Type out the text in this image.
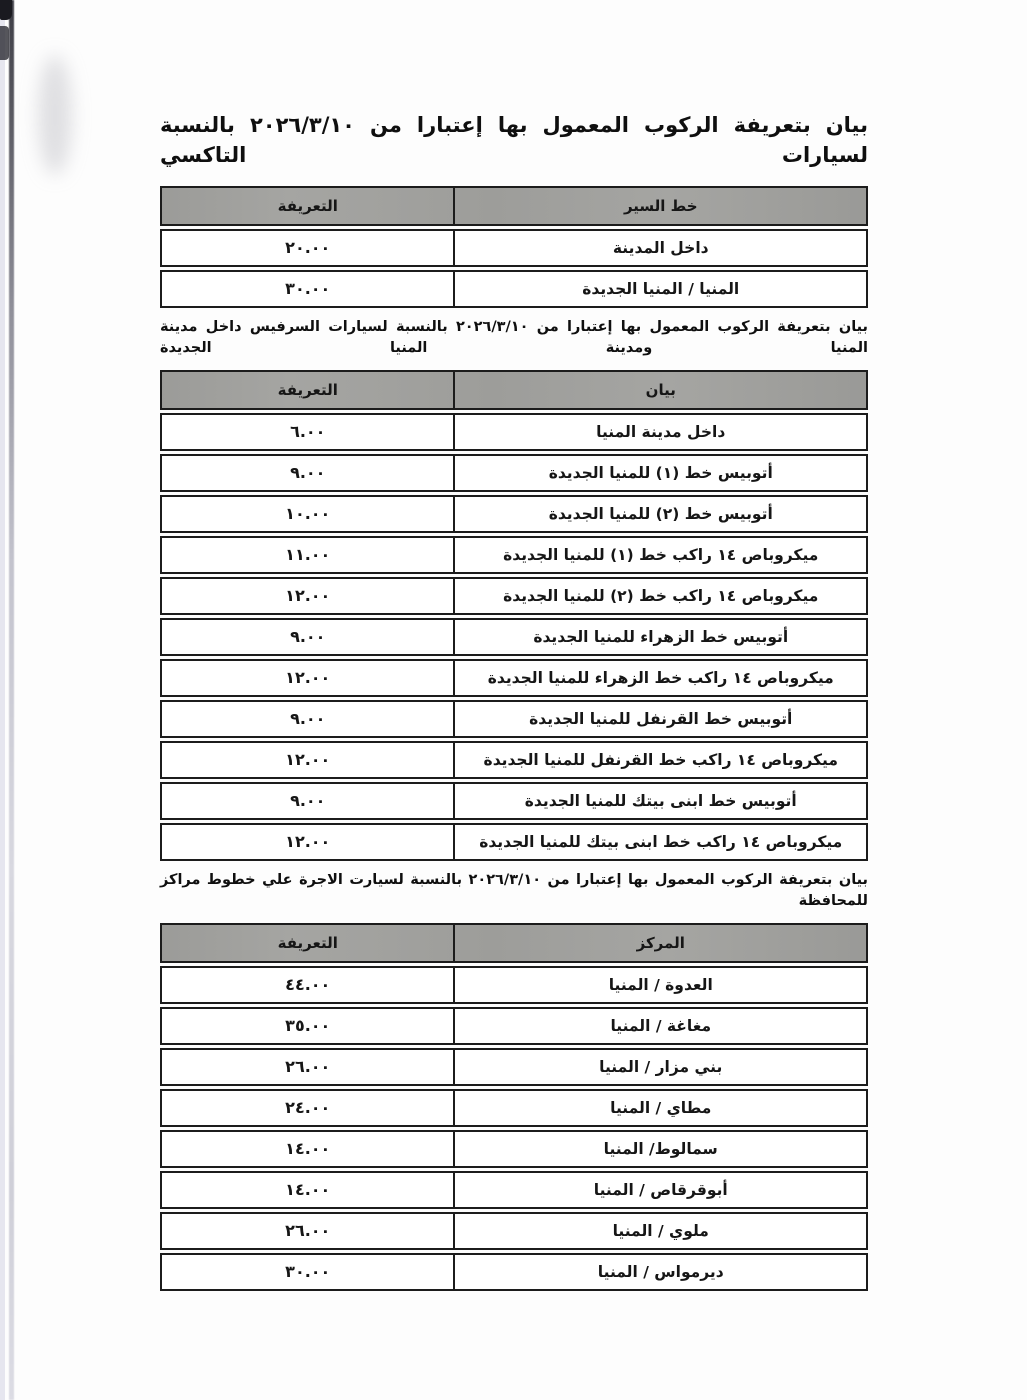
بيان بتعريفة الركوب المعمول بها إعتبارا من ٢٠٢٦/٣/١٠ بالنسبة لسيارات التاكسي
خط السير
التعريفة
داخل المدينة
٢٠.٠٠
المنيا / المنيا الجديدة
٣٠.٠٠
بيان بتعريفة الركوب المعمول بها إعتبارا من ٢٠٢٦/٣/١٠ بالنسبة لسيارات السرفيس داخل مدينة المنيا ومدينة المنيا الجديدة
بيان
التعريفة
داخل مدينة المنيا
٦.٠٠
أتوبيس خط (١) للمنيا الجديدة
٩.٠٠
أتوبيس خط (٢) للمنيا الجديدة
١٠.٠٠
ميكروباص ١٤ راكب خط (١) للمنيا الجديدة
١١.٠٠
ميكروباص ١٤ راكب خط (٢) للمنيا الجديدة
١٢.٠٠
أتوبيس خط الزهراء للمنيا الجديدة
٩.٠٠
ميكروباص ١٤ راكب خط الزهراء للمنيا الجديدة
١٢.٠٠
أتوبيس خط القرنفل للمنيا الجديدة
٩.٠٠
ميكروباص ١٤ راكب خط القرنفل للمنيا الجديدة
١٢.٠٠
أتوبيس خط ابنى بيتك للمنيا الجديدة
٩.٠٠
ميكروباص ١٤ راكب خط ابنى بيتك للمنيا الجديدة
١٢.٠٠
بيان بتعريفة الركوب المعمول بها إعتبارا من ٢٠٢٦/٣/١٠ بالنسبة لسيارت الاجرة علي خطوط مراكز للمحافظة
المركز
التعريفة
العدوة / المنيا
٤٤.٠٠
مغاغة / المنيا
٣٥.٠٠
بني مزار / المنيا
٢٦.٠٠
مطاي / المنيا
٢٤.٠٠
سمالوط/ المنيا
١٤.٠٠
أبوقرقاص / المنيا
١٤.٠٠
ملوي / المنيا
٢٦.٠٠
ديرمواس / المنيا
٣٠.٠٠
